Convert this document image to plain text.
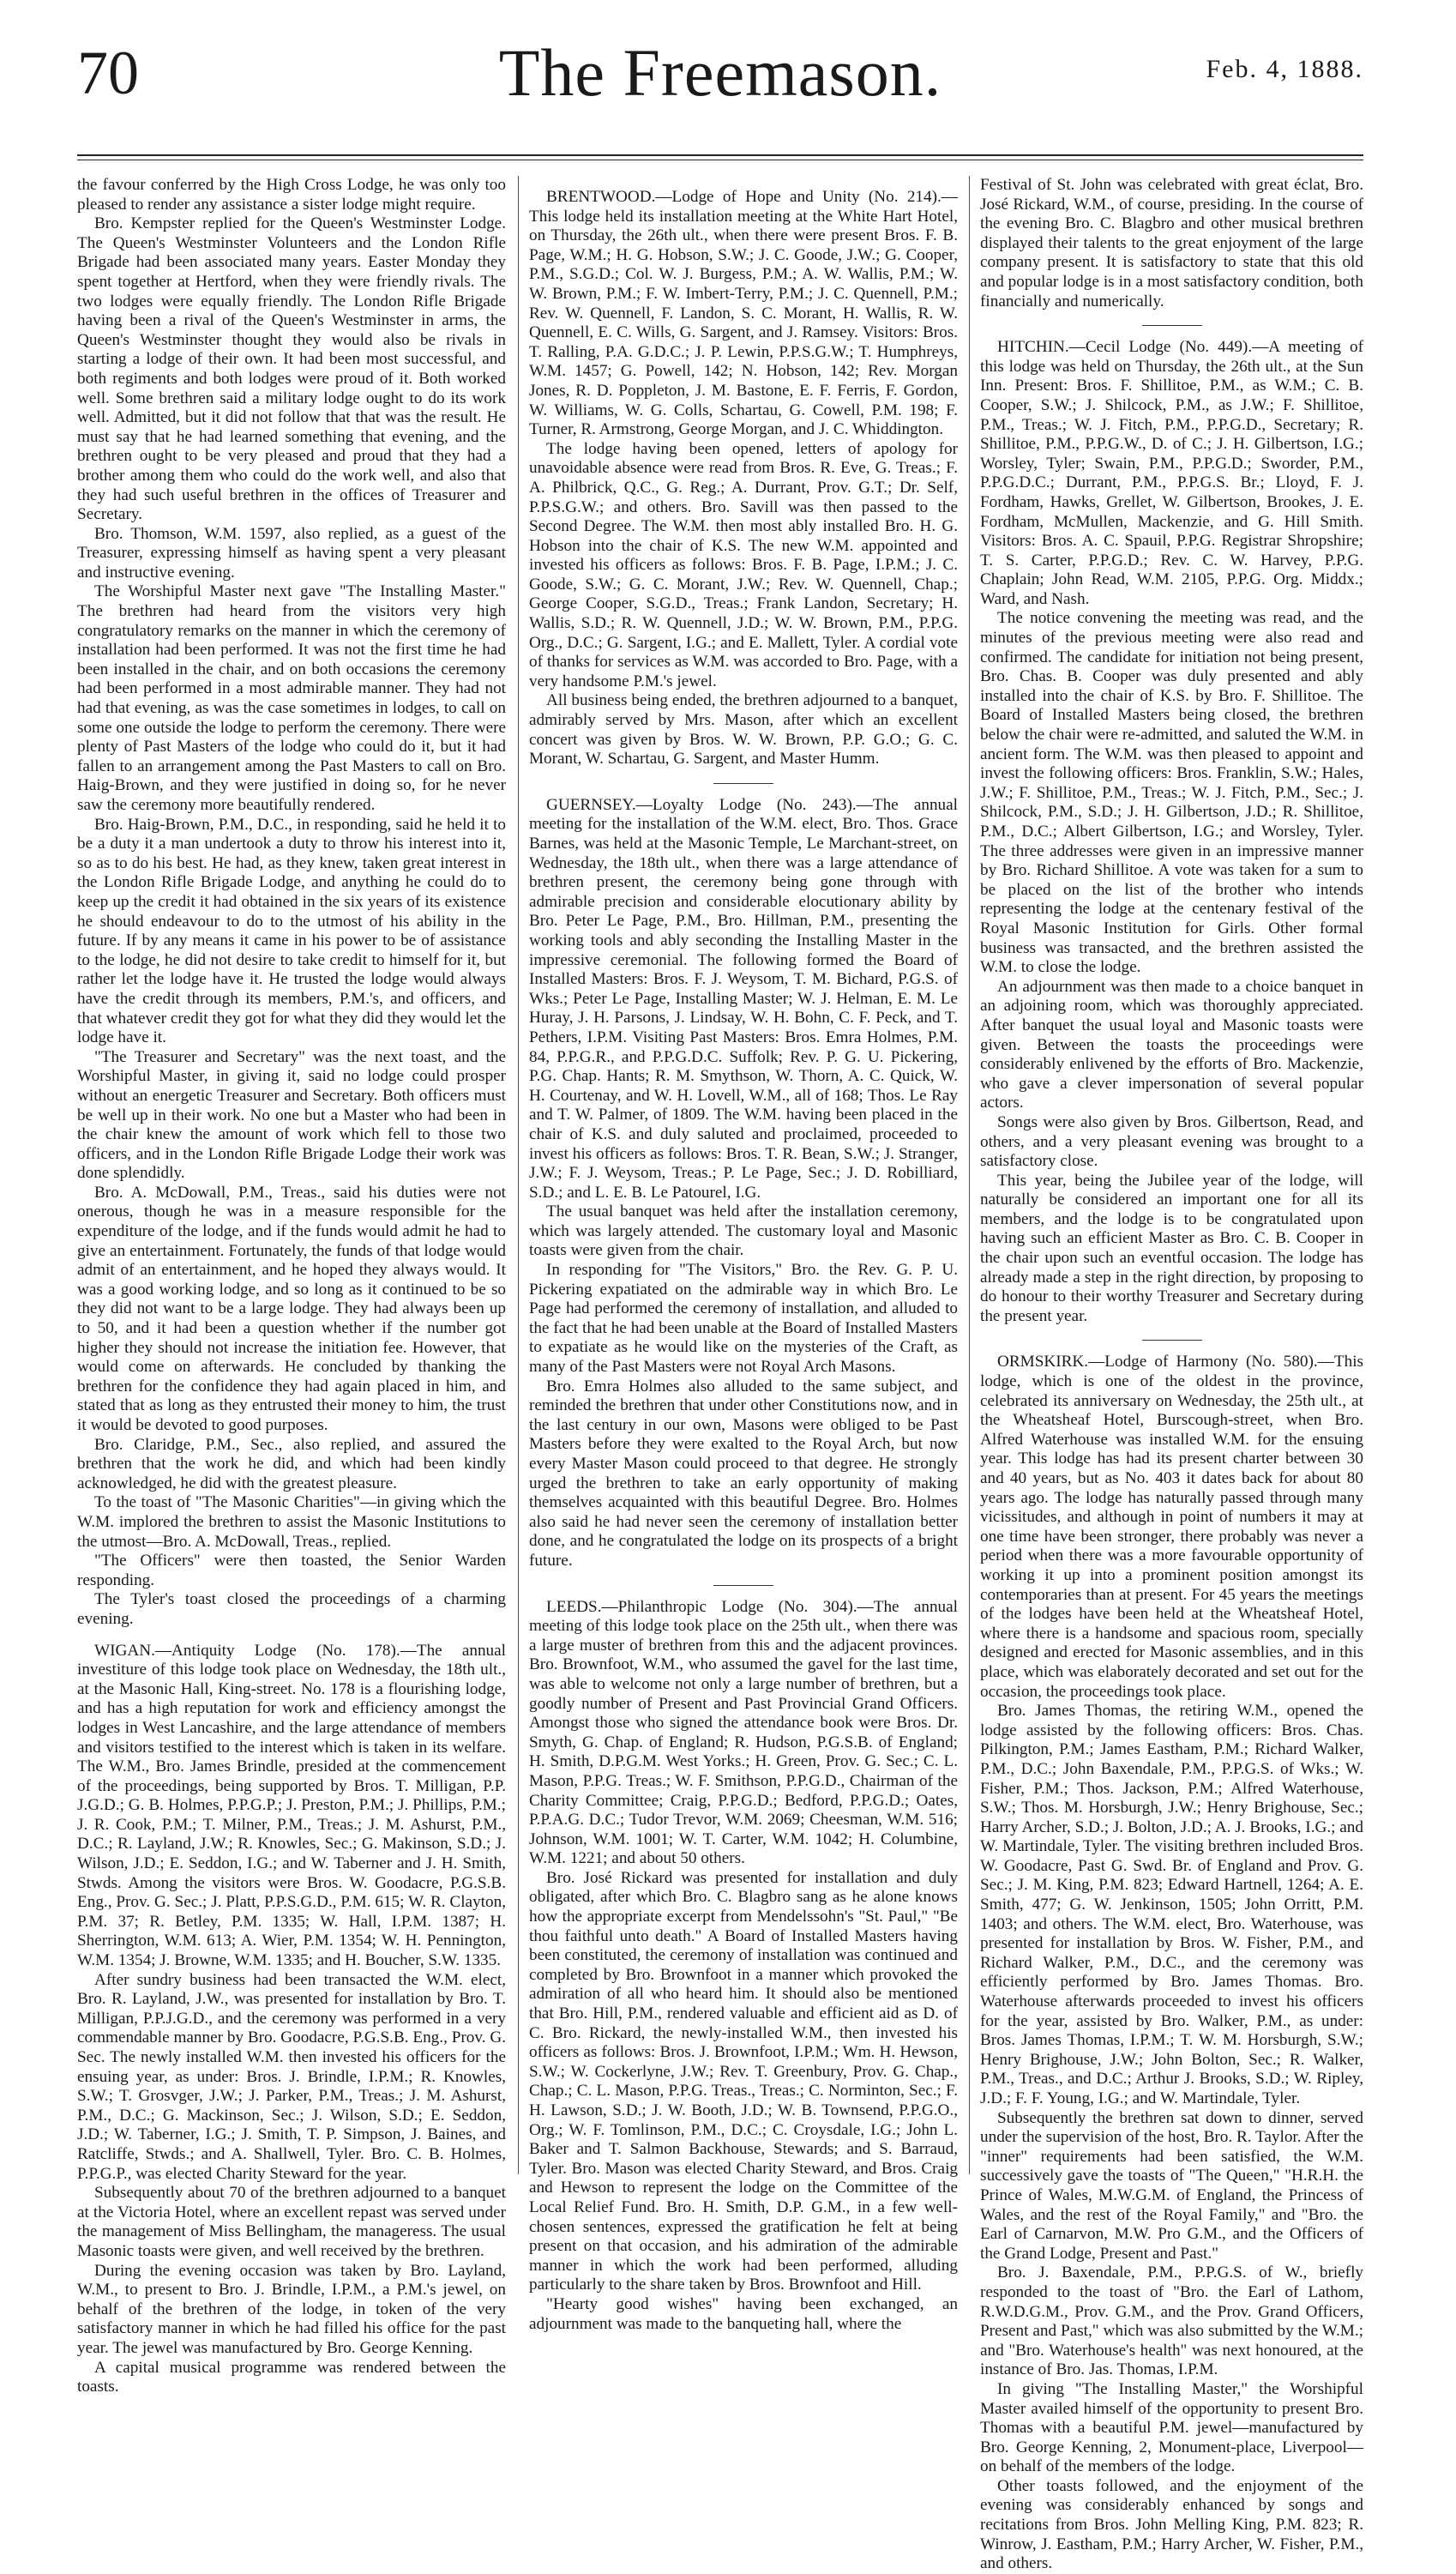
70	The Freemason.	Feb. 4, 1888.

the favour conferred by the High Cross Lodge, he was only too pleased to render any assistance a sister lodge might require.

Bro. Kempster replied for the Queen's Westminster Lodge. The Queen's Westminster Volunteers and the London Rifle Brigade had been associated many years. Easter Monday they spent together at Hertford, when they were friendly rivals. The two lodges were equally friendly. The London Rifle Brigade having been a rival of the Queen's Westminster in arms, the Queen's Westminster thought they would also be rivals in starting a lodge of their own. It had been most successful, and both regiments and both lodges were proud of it. Both worked well. Some brethren said a military lodge ought to do its work well. Admitted, but it did not follow that that was the result. He must say that he had learned something that evening, and the brethren ought to be very pleased and proud that they had a brother among them who could do the work well, and also that they had such useful brethren in the offices of Treasurer and Secretary.

Bro. Thomson, W.M. 1597, also replied, as a guest of the Treasurer, expressing himself as having spent a very pleasant and instructive evening.

The Worshipful Master next gave "The Installing Master." The brethren had heard from the visitors very high congratulatory remarks on the manner in which the ceremony of installation had been performed. It was not the first time he had been installed in the chair, and on both occasions the ceremony had been performed in a most admirable manner. They had not had that evening, as was the case sometimes in lodges, to call on some one outside the lodge to perform the ceremony. There were plenty of Past Masters of the lodge who could do it, but it had fallen to an arrangement among the Past Masters to call on Bro. Haig-Brown, and they were justified in doing so, for he never saw the ceremony more beautifully rendered.

Bro. Haig-Brown, P.M., D.C., in responding, said he held it to be a duty it a man undertook a duty to throw his interest into it, so as to do his best. He had, as they knew, taken great interest in the London Rifle Brigade Lodge, and anything he could do to keep up the credit it had obtained in the six years of its existence he should endeavour to do to the utmost of his ability in the future. If by any means it came in his power to be of assistance to the lodge, he did not desire to take credit to himself for it, but rather let the lodge have it. He trusted the lodge would always have the credit through its members, P.M.'s, and officers, and that whatever credit they got for what they did they would let the lodge have it.

"The Treasurer and Secretary" was the next toast, and the Worshipful Master, in giving it, said no lodge could prosper without an energetic Treasurer and Secretary. Both officers must be well up in their work. No one but a Master who had been in the chair knew the amount of work which fell to those two officers, and in the London Rifle Brigade Lodge their work was done splendidly.

Bro. A. McDowall, P.M., Treas., said his duties were not onerous, though he was in a measure responsible for the expenditure of the lodge, and if the funds would admit he had to give an entertainment. Fortunately, the funds of that lodge would admit of an entertainment, and he hoped they always would. It was a good working lodge, and so long as it continued to be so they did not want to be a large lodge. They had always been up to 50, and it had been a question whether if the number got higher they should not increase the initiation fee. However, that would come on afterwards. He concluded by thanking the brethren for the confidence they had again placed in him, and stated that as long as they entrusted their money to him, the trust it would be devoted to good purposes.

Bro. Claridge, P.M., Sec., also replied, and assured the brethren that the work he did, and which had been kindly acknowledged, he did with the greatest pleasure.

To the toast of "The Masonic Charities"—in giving which the W.M. implored the brethren to assist the Masonic Institutions to the utmost—Bro. A. McDowall, Treas., replied.

"The Officers" were then toasted, the Senior Warden responding.

The Tyler's toast closed the proceedings of a charming evening.

WIGAN.—Antiquity Lodge (No. 178).—The annual investiture of this lodge took place on Wednesday, the 18th ult., at the Masonic Hall, King-street. No. 178 is a flourishing lodge, and has a high reputation for work and efficiency amongst the lodges in West Lancashire, and the large attendance of members and visitors testified to the interest which is taken in its welfare. The W.M., Bro. James Brindle, presided at the commencement of the proceedings, being supported by Bros. T. Milligan, P.P. J.G.D.; G. B. Holmes, P.P.G.P.; J. Preston, P.M.; J. Phillips, P.M.; J. R. Cook, P.M.; T. Milner, P.M., Treas.; J. M. Ashurst, P.M., D.C.; R. Layland, J.W.; R. Knowles, Sec.; G. Makinson, S.D.; J. Wilson, J.D.; E. Seddon, I.G.; and W. Taberner and J. H. Smith, Stwds. Among the visitors were Bros. W. Goodacre, P.G.S.B. Eng., Prov. G. Sec.; J. Platt, P.P.S.G.D., P.M. 615; W. R. Clayton, P.M. 37; R. Betley, P.M. 1335; W. Hall, I.P.M. 1387; H. Sherrington, W.M. 613; A. Wier, P.M. 1354; W. H. Pennington, W.M. 1354; J. Browne, W.M. 1335; and H. Boucher, S.W. 1335.

After sundry business had been transacted the W.M. elect, Bro. R. Layland, J.W., was presented for installation by Bro. T. Milligan, P.P.J.G.D., and the ceremony was performed in a very commendable manner by Bro. Goodacre, P.G.S.B. Eng., Prov. G. Sec. The newly installed W.M. then invested his officers for the ensuing year, as under: Bros. J. Brindle, I.P.M.; R. Knowles, S.W.; T. Grosvger, J.W.; J. Parker, P.M., Treas.; J. M. Ashurst, P.M., D.C.; G. Mackinson, Sec.; J. Wilson, S.D.; E. Seddon, J.D.; W. Taberner, I.G.; J. Smith, T. P. Simpson, J. Baines, and Ratcliffe, Stwds.; and A. Shallwell, Tyler. Bro. C. B. Holmes, P.P.G.P., was elected Charity Steward for the year.

Subsequently about 70 of the brethren adjourned to a banquet at the Victoria Hotel, where an excellent repast was served under the management of Miss Bellingham, the manageress. The usual Masonic toasts were given, and well received by the brethren.

During the evening occasion was taken by Bro. Layland, W.M., to present to Bro. J. Brindle, I.P.M., a P.M.'s jewel, on behalf of the brethren of the lodge, in token of the very satisfactory manner in which he had filled his office for the past year. The jewel was manufactured by Bro. George Kenning.

A capital musical programme was rendered between the toasts.

BRENTWOOD.—Lodge of Hope and Unity (No. 214).—This lodge held its installation meeting at the White Hart Hotel, on Thursday, the 26th ult., when there were present Bros. F. B. Page, W.M.; H. G. Hobson, S.W.; J. C. Goode, J.W.; G. Cooper, P.M., S.G.D.; Col. W. J. Burgess, P.M.; A. W. Wallis, P.M.; W. W. Brown, P.M.; F. W. Imbert-Terry, P.M.; J. C. Quennell, P.M.; Rev. W. Quennell, F. Landon, S. C. Morant, H. Wallis, R. W. Quennell, E. C. Wills, G. Sargent, and J. Ramsey. Visitors: Bros. T. Ralling, P.A. G.D.C.; J. P. Lewin, P.P.S.G.W.; T. Humphreys, W.M. 1457; G. Powell, 142; N. Hobson, 142; Rev. Morgan Jones, R. D. Poppleton, J. M. Bastone, E. F. Ferris, F. Gordon, W. Williams, W. G. Colls, Schartau, G. Cowell, P.M. 198; F. Turner, R. Armstrong, George Morgan, and J. C. Whiddington.

The lodge having been opened, letters of apology for unavoidable absence were read from Bros. R. Eve, G. Treas.; F. A. Philbrick, Q.C., G. Reg.; A. Durrant, Prov. G.T.; Dr. Self, P.P.S.G.W.; and others. Bro. Savill was then passed to the Second Degree. The W.M. then most ably installed Bro. H. G. Hobson into the chair of K.S. The new W.M. appointed and invested his officers as follows: Bros. F. B. Page, I.P.M.; J. C. Goode, S.W.; G. C. Morant, J.W.; Rev. W. Quennell, Chap.; George Cooper, S.G.D., Treas.; Frank Landon, Secretary; H. Wallis, S.D.; R. W. Quennell, J.D.; W. W. Brown, P.M., P.P.G. Org., D.C.; G. Sargent, I.G.; and E. Mallett, Tyler. A cordial vote of thanks for services as W.M. was accorded to Bro. Page, with a very handsome P.M.'s jewel.

All business being ended, the brethren adjourned to a banquet, admirably served by Mrs. Mason, after which an excellent concert was given by Bros. W. W. Brown, P.P. G.O.; G. C. Morant, W. Schartau, G. Sargent, and Master Humm.

GUERNSEY.—Loyalty Lodge (No. 243).—The annual meeting for the installation of the W.M. elect, Bro. Thos. Grace Barnes, was held at the Masonic Temple, Le Marchant-street, on Wednesday, the 18th ult., when there was a large attendance of brethren present, the ceremony being gone through with admirable precision and considerable elocutionary ability by Bro. Peter Le Page, P.M., Bro. Hillman, P.M., presenting the working tools and ably seconding the Installing Master in the impressive ceremonial. The following formed the Board of Installed Masters: Bros. F. J. Weysom, T. M. Bichard, P.G.S. of Wks.; Peter Le Page, Installing Master; W. J. Helman, E. M. Le Huray, J. H. Parsons, J. Lindsay, W. H. Bohn, C. F. Peck, and T. Pethers, I.P.M. Visiting Past Masters: Bros. Emra Holmes, P.M. 84, P.P.G.R., and P.P.G.D.C. Suffolk; Rev. P. G. U. Pickering, P.G. Chap. Hants; R. M. Smythson, W. Thorn, A. C. Quick, W. H. Courtenay, and W. H. Lovell, W.M., all of 168; Thos. Le Ray and T. W. Palmer, of 1809. The W.M. having been placed in the chair of K.S. and duly saluted and proclaimed, proceeded to invest his officers as follows: Bros. T. R. Bean, S.W.; J. Stranger, J.W.; F. J. Weysom, Treas.; P. Le Page, Sec.; J. D. Robilliard, S.D.; and L. E. B. Le Patourel, I.G.

The usual banquet was held after the installation ceremony, which was largely attended. The customary loyal and Masonic toasts were given from the chair.

In responding for "The Visitors," Bro. the Rev. G. P. U. Pickering expatiated on the admirable way in which Bro. Le Page had performed the ceremony of installation, and alluded to the fact that he had been unable at the Board of Installed Masters to expatiate as he would like on the mysteries of the Craft, as many of the Past Masters were not Royal Arch Masons.

Bro. Emra Holmes also alluded to the same subject, and reminded the brethren that under other Constitutions now, and in the last century in our own, Masons were obliged to be Past Masters before they were exalted to the Royal Arch, but now every Master Mason could proceed to that degree. He strongly urged the brethren to take an early opportunity of making themselves acquainted with this beautiful Degree. Bro. Holmes also said he had never seen the ceremony of installation better done, and he congratulated the lodge on its prospects of a bright future.

LEEDS.—Philanthropic Lodge (No. 304).—The annual meeting of this lodge took place on the 25th ult., when there was a large muster of brethren from this and the adjacent provinces. Bro. Brownfoot, W.M., who assumed the gavel for the last time, was able to welcome not only a large number of brethren, but a goodly number of Present and Past Provincial Grand Officers. Amongst those who signed the attendance book were Bros. Dr. Smyth, G. Chap. of England; R. Hudson, P.G.S.B. of England; H. Smith, D.P.G.M. West Yorks.; H. Green, Prov. G. Sec.; C. L. Mason, P.P.G. Treas.; W. F. Smithson, P.P.G.D., Chairman of the Charity Committee; Craig, P.P.G.D.; Bedford, P.P.G.D.; Oates, P.P.A.G. D.C.; Tudor Trevor, W.M. 2069; Cheesman, W.M. 516; Johnson, W.M. 1001; W. T. Carter, W.M. 1042; H. Columbine, W.M. 1221; and about 50 others.

Bro. José Rickard was presented for installation and duly obligated, after which Bro. C. Blagbro sang as he alone knows how the appropriate excerpt from Mendelssohn's "St. Paul," "Be thou faithful unto death." A Board of Installed Masters having been constituted, the ceremony of installation was continued and completed by Bro. Brownfoot in a manner which provoked the admiration of all who heard him. It should also be mentioned that Bro. Hill, P.M., rendered valuable and efficient aid as D. of C. Bro. Rickard, the newly-installed W.M., then invested his officers as follows: Bros. J. Brownfoot, I.P.M.; Wm. H. Hewson, S.W.; W. Cockerlyne, J.W.; Rev. T. Greenbury, Prov. G. Chap., Chap.; C. L. Mason, P.P.G. Treas., Treas.; C. Norminton, Sec.; F. H. Lawson, S.D.; J. W. Booth, J.D.; W. B. Townsend, P.P.G.O., Org.; W. F. Tomlinson, P.M., D.C.; C. Croysdale, I.G.; John L. Baker and T. Salmon Backhouse, Stewards; and S. Barraud, Tyler. Bro. Mason was elected Charity Steward, and Bros. Craig and Hewson to represent the lodge on the Committee of the Local Relief Fund. Bro. H. Smith, D.P. G.M., in a few well-chosen sentences, expressed the gratification he felt at being present on that occasion, and his admiration of the admirable manner in which the work had been performed, alluding particularly to the share taken by Bros. Brownfoot and Hill.

"Hearty good wishes" having been exchanged, an adjournment was made to the banqueting hall, where the

Festival of St. John was celebrated with great éclat, Bro. José Rickard, W.M., of course, presiding. In the course of the evening Bro. C. Blagbro and other musical brethren displayed their talents to the great enjoyment of the large company present. It is satisfactory to state that this old and popular lodge is in a most satisfactory condition, both financially and numerically.

HITCHIN.—Cecil Lodge (No. 449).—A meeting of this lodge was held on Thursday, the 26th ult., at the Sun Inn. Present: Bros. F. Shillitoe, P.M., as W.M.; C. B. Cooper, S.W.; J. Shilcock, P.M., as J.W.; F. Shillitoe, P.M., Treas.; W. J. Fitch, P.M., P.P.G.D., Secretary; R. Shillitoe, P.M., P.P.G.W., D. of C.; J. H. Gilbertson, I.G.; Worsley, Tyler; Swain, P.M., P.P.G.D.; Sworder, P.M., P.P.G.D.C.; Durrant, P.M., P.P.G.S. Br.; Lloyd, F. J. Fordham, Hawks, Grellet, W. Gilbertson, Brookes, J. E. Fordham, McMullen, Mackenzie, and G. Hill Smith. Visitors: Bros. A. C. Spauil, P.P.G. Registrar Shropshire; T. S. Carter, P.P.G.D.; Rev. C. W. Harvey, P.P.G. Chaplain; John Read, W.M. 2105, P.P.G. Org. Middx.; Ward, and Nash.

The notice convening the meeting was read, and the minutes of the previous meeting were also read and confirmed. The candidate for initiation not being present, Bro. Chas. B. Cooper was duly presented and ably installed into the chair of K.S. by Bro. F. Shillitoe. The Board of Installed Masters being closed, the brethren below the chair were re-admitted, and saluted the W.M. in ancient form. The W.M. was then pleased to appoint and invest the following officers: Bros. Franklin, S.W.; Hales, J.W.; F. Shillitoe, P.M., Treas.; W. J. Fitch, P.M., Sec.; J. Shilcock, P.M., S.D.; J. H. Gilbertson, J.D.; R. Shillitoe, P.M., D.C.; Albert Gilbertson, I.G.; and Worsley, Tyler. The three addresses were given in an impressive manner by Bro. Richard Shillitoe. A vote was taken for a sum to be placed on the list of the brother who intends representing the lodge at the centenary festival of the Royal Masonic Institution for Girls. Other formal business was transacted, and the brethren assisted the W.M. to close the lodge.

An adjournment was then made to a choice banquet in an adjoining room, which was thoroughly appreciated. After banquet the usual loyal and Masonic toasts were given. Between the toasts the proceedings were considerably enlivened by the efforts of Bro. Mackenzie, who gave a clever impersonation of several popular actors.

Songs were also given by Bros. Gilbertson, Read, and others, and a very pleasant evening was brought to a satisfactory close.

This year, being the Jubilee year of the lodge, will naturally be considered an important one for all its members, and the lodge is to be congratulated upon having such an efficient Master as Bro. C. B. Cooper in the chair upon such an eventful occasion. The lodge has already made a step in the right direction, by proposing to do honour to their worthy Treasurer and Secretary during the present year.

ORMSKIRK.—Lodge of Harmony (No. 580).—This lodge, which is one of the oldest in the province, celebrated its anniversary on Wednesday, the 25th ult., at the Wheatsheaf Hotel, Burscough-street, when Bro. Alfred Waterhouse was installed W.M. for the ensuing year. This lodge has had its present charter between 30 and 40 years, but as No. 403 it dates back for about 80 years ago. The lodge has naturally passed through many vicissitudes, and although in point of numbers it may at one time have been stronger, there probably was never a period when there was a more favourable opportunity of working it up into a prominent position amongst its contemporaries than at present. For 45 years the meetings of the lodges have been held at the Wheatsheaf Hotel, where there is a handsome and spacious room, specially designed and erected for Masonic assemblies, and in this place, which was elaborately decorated and set out for the occasion, the proceedings took place.

Bro. James Thomas, the retiring W.M., opened the lodge assisted by the following officers: Bros. Chas. Pilkington, P.M.; James Eastham, P.M.; Richard Walker, P.M., D.C.; John Baxendale, P.M., P.P.G.S. of Wks.; W. Fisher, P.M.; Thos. Jackson, P.M.; Alfred Waterhouse, S.W.; Thos. M. Horsburgh, J.W.; Henry Brighouse, Sec.; Harry Archer, S.D.; J. Bolton, J.D.; A. J. Brooks, I.G.; and W. Martindale, Tyler. The visiting brethren included Bros. W. Goodacre, Past G. Swd. Br. of England and Prov. G. Sec.; J. M. King, P.M. 823; Edward Hartnell, 1264; A. E. Smith, 477; G. W. Jenkinson, 1505; John Orritt, P.M. 1403; and others. The W.M. elect, Bro. Waterhouse, was presented for installation by Bros. W. Fisher, P.M., and Richard Walker, P.M., D.C., and the ceremony was efficiently performed by Bro. James Thomas. Bro. Waterhouse afterwards proceeded to invest his officers for the year, assisted by Bro. Walker, P.M., as under: Bros. James Thomas, I.P.M.; T. W. M. Horsburgh, S.W.; Henry Brighouse, J.W.; John Bolton, Sec.; R. Walker, P.M., Treas., and D.C.; Arthur J. Brooks, S.D.; W. Ripley, J.D.; F. F. Young, I.G.; and W. Martindale, Tyler.

Subsequently the brethren sat down to dinner, served under the supervision of the host, Bro. R. Taylor. After the "inner" requirements had been satisfied, the W.M. successively gave the toasts of "The Queen," "H.R.H. the Prince of Wales, M.W.G.M. of England, the Princess of Wales, and the rest of the Royal Family," and "Bro. the Earl of Carnarvon, M.W. Pro G.M., and the Officers of the Grand Lodge, Present and Past."

Bro. J. Baxendale, P.M., P.P.G.S. of W., briefly responded to the toast of "Bro. the Earl of Lathom, R.W.D.G.M., Prov. G.M., and the Prov. Grand Officers, Present and Past," which was also submitted by the W.M.; and "Bro. Waterhouse's health" was next honoured, at the instance of Bro. Jas. Thomas, I.P.M.

In giving "The Installing Master," the Worshipful Master availed himself of the opportunity to present Bro. Thomas with a beautiful P.M. jewel—manufactured by Bro. George Kenning, 2, Monument-place, Liverpool—on behalf of the members of the lodge.

Other toasts followed, and the enjoyment of the evening was considerably enhanced by songs and recitations from Bros. John Melling King, P.M. 823; R. Winrow, J. Eastham, P.M.; Harry Archer, W. Fisher, P.M., and others.
